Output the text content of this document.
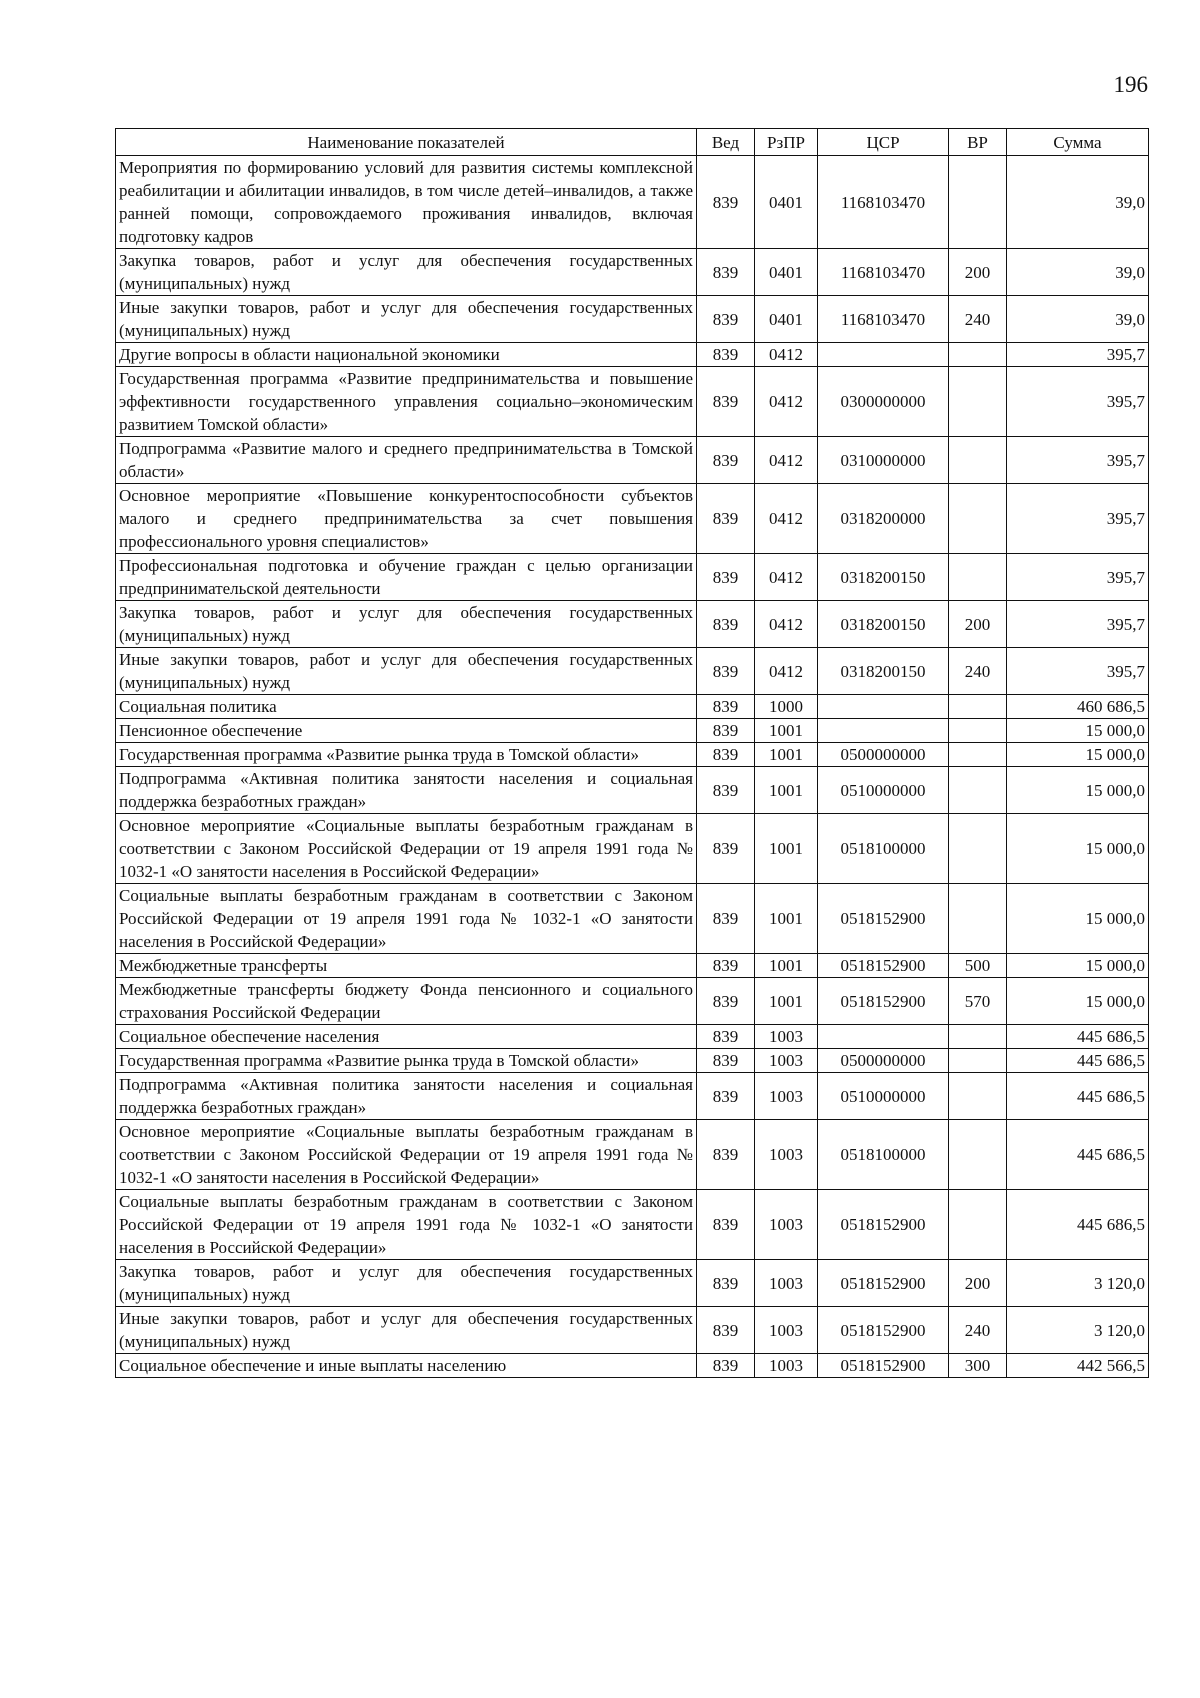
196
Наименование показателей	Вед	РзПР	ЦСР	ВР	Сумма
Мероприятия по формированию условий для развития системы комплексной реабилитации и абилитации инвалидов, в том числе детей–инвалидов, а также ранней помощи, сопровождаемого проживания инвалидов, включая подготовку кадров	839	0401	1168103470		39,0
Закупка товаров, работ и услуг для обеспечения государственных (муниципальных) нужд	839	0401	1168103470	200	39,0
Иные закупки товаров, работ и услуг для обеспечения государственных (муниципальных) нужд	839	0401	1168103470	240	39,0
Другие вопросы в области национальной экономики	839	0412			395,7
Государственная программа «Развитие предпринимательства и повышение эффективности государственного управления социально–экономическим развитием Томской области»	839	0412	0300000000		395,7
Подпрограмма «Развитие малого и среднего предпринимательства в Томской области»	839	0412	0310000000		395,7
Основное мероприятие «Повышение конкурентоспособности субъектов малого и среднего предпринимательства за счет повышения профессионального уровня специалистов»	839	0412	0318200000		395,7
Профессиональная подготовка и обучение граждан с целью организации предпринимательской деятельности	839	0412	0318200150		395,7
Закупка товаров, работ и услуг для обеспечения государственных (муниципальных) нужд	839	0412	0318200150	200	395,7
Иные закупки товаров, работ и услуг для обеспечения государственных (муниципальных) нужд	839	0412	0318200150	240	395,7
Социальная политика	839	1000			460 686,5
Пенсионное обеспечение	839	1001			15 000,0
Государственная программа «Развитие рынка труда в Томской области»	839	1001	0500000000		15 000,0
Подпрограмма «Активная политика занятости населения и социальная поддержка безработных граждан»	839	1001	0510000000		15 000,0
Основное мероприятие «Социальные выплаты безработным гражданам в соответствии с Законом Российской Федерации от 19 апреля 1991 года № 1032-1 «О занятости населения в Российской Федерации»	839	1001	0518100000		15 000,0
Социальные выплаты безработным гражданам в соответствии с Законом Российской Федерации от 19 апреля 1991 года № 1032-1 «О занятости населения в Российской Федерации»	839	1001	0518152900		15 000,0
Межбюджетные трансферты	839	1001	0518152900	500	15 000,0
Межбюджетные трансферты бюджету Фонда пенсионного и социального страхования Российской Федерации	839	1001	0518152900	570	15 000,0
Социальное обеспечение населения	839	1003			445 686,5
Государственная программа «Развитие рынка труда в Томской области»	839	1003	0500000000		445 686,5
Подпрограмма «Активная политика занятости населения и социальная поддержка безработных граждан»	839	1003	0510000000		445 686,5
Основное мероприятие «Социальные выплаты безработным гражданам в соответствии с Законом Российской Федерации от 19 апреля 1991 года № 1032-1 «О занятости населения в Российской Федерации»	839	1003	0518100000		445 686,5
Социальные выплаты безработным гражданам в соответствии с Законом Российской Федерации от 19 апреля 1991 года № 1032-1 «О занятости населения в Российской Федерации»	839	1003	0518152900		445 686,5
Закупка товаров, работ и услуг для обеспечения государственных (муниципальных) нужд	839	1003	0518152900	200	3 120,0
Иные закупки товаров, работ и услуг для обеспечения государственных (муниципальных) нужд	839	1003	0518152900	240	3 120,0
Социальное обеспечение и иные выплаты населению	839	1003	0518152900	300	442 566,5
